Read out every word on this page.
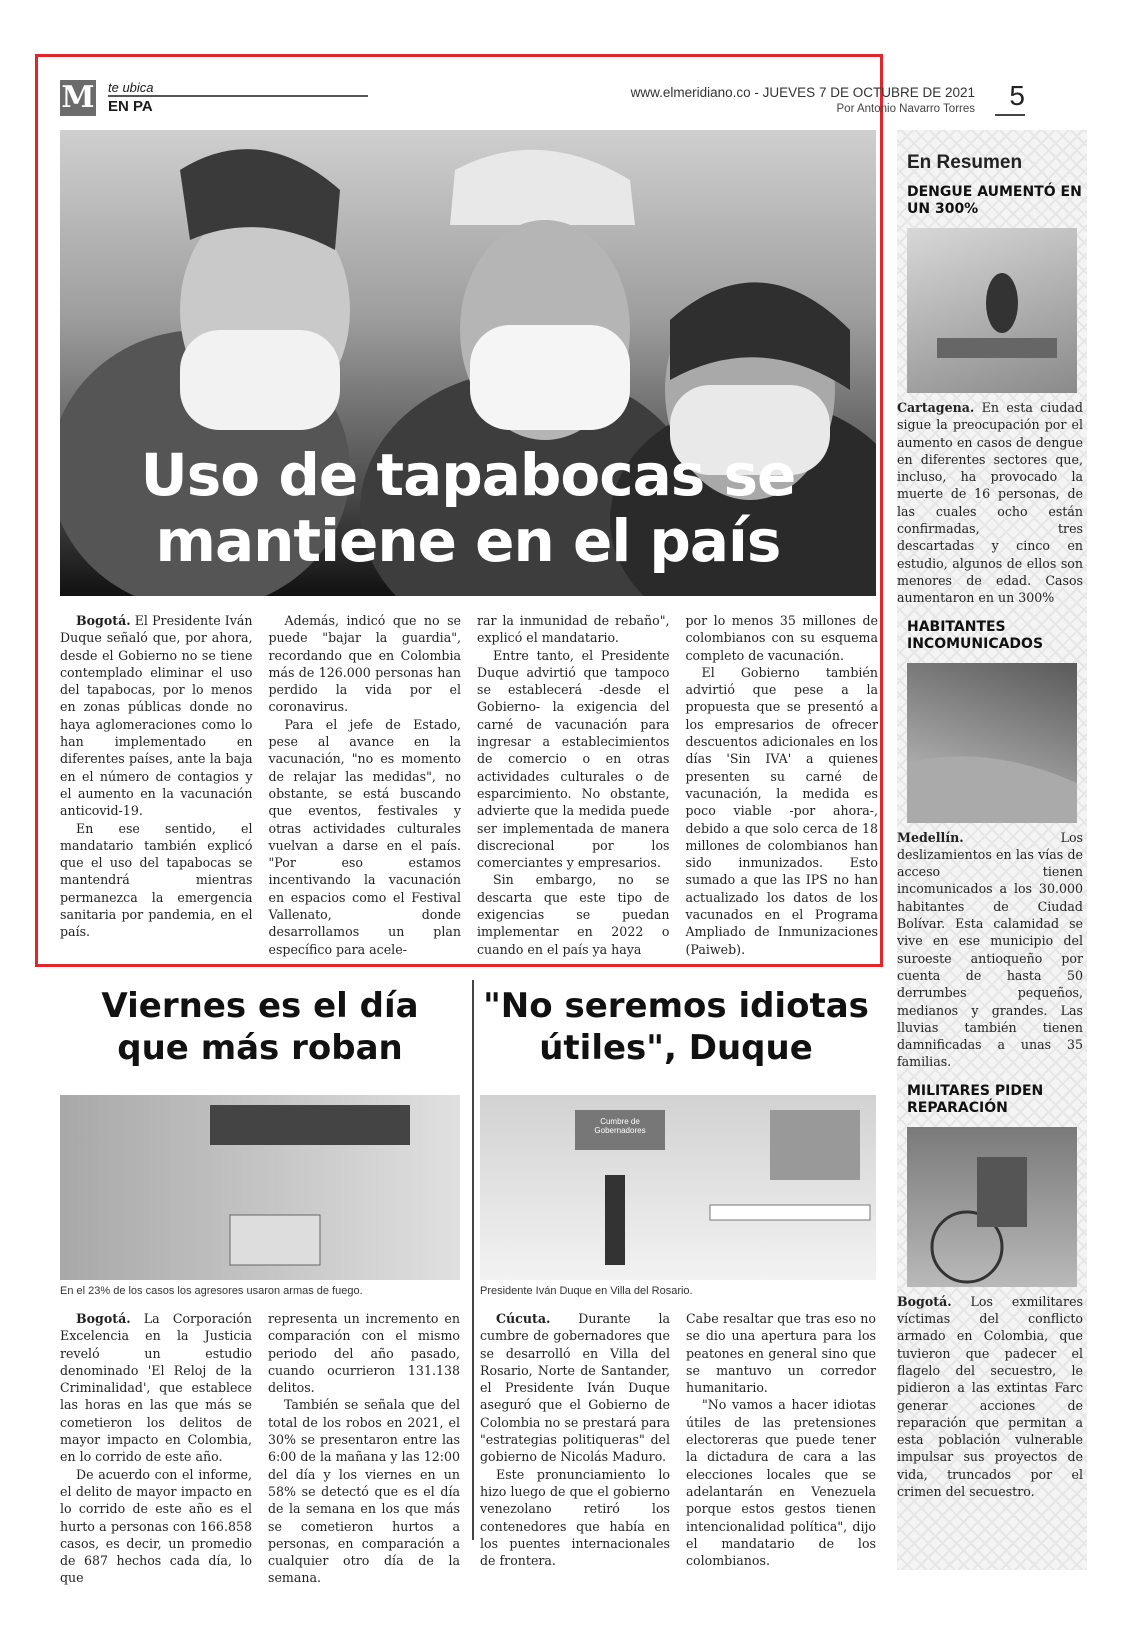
M te ubica
EN PA
www.elmeridiano.co - JUEVES 7 DE OCTUBRE DE 2021
Por Antonio Navarro Torres 5
Uso de tapabocas se
mantiene en el país

Bogotá. El Presidente Iván Duque señaló que, por ahora, desde el Gobierno no se tiene contemplado eliminar el uso del tapabocas, por lo menos en zonas públicas donde no haya aglomeraciones como lo han implementado en diferentes países, ante la baja en el número de contagios y el aumento en la vacunación anticovid-19.

En ese sentido, el mandatario también explicó que el uso del tapabocas se mantendrá mientras permanezca la emergencia sanitaria por pandemia, en el país.

Además, indicó que no se puede "bajar la guardia", recordando que en Colombia más de 126.000 personas han perdido la vida por el coronavirus.

Para el jefe de Estado, pese al avance en la vacunación, "no es momento de relajar las medidas", no obstante, se está buscando que eventos, festivales y otras actividades culturales vuelvan a darse en el país. "Por eso estamos incentivando la vacunación en espacios como el Festival Vallenato, donde desarrollamos un plan específico para acele-

rar la inmunidad de rebaño", explicó el mandatario.

Entre tanto, el Presidente Duque advirtió que tampoco se establecerá -desde el Gobierno- la exigencia del carné de vacunación para ingresar a establecimientos de comercio o en otras actividades culturales o de esparcimiento. No obstante, advierte que la medida puede ser implementada de manera discrecional por los comerciantes y empresarios.

Sin embargo, no se descarta que este tipo de exigencias se puedan implementar en 2022 o cuando en el país ya haya

por lo menos 35 millones de colombianos con su esquema completo de vacunación.

El Gobierno también advirtió que pese a la propuesta que se presentó a los empresarios de ofrecer descuentos adicionales en los días 'Sin IVA' a quienes presenten su carné de vacunación, la medida es poco viable -por ahora-, debido a que solo cerca de 18 millones de colombianos han sido inmunizados. Esto sumado a que las IPS no han actualizado los datos de los vacunados en el Programa Ampliado de Inmunizaciones (Paiweb).

En Resumen
DENGUE AUMENTÓ EN UN 300%
Cartagena. En esta ciudad sigue la preocupación por el aumento en casos de dengue en diferentes sectores que, incluso, ha provocado la muerte de 16 personas, de las cuales ocho están confirmadas, tres descartadas y cinco en estudio, algunos de ellos son menores de edad. Casos aumentaron en un 300%
HABITANTES INCOMUNICADOS
Medellín. Los deslizamientos en las vías de acceso tienen incomunicados a los 30.000 habitantes de Ciudad Bolívar. Esta calamidad se vive en ese municipio del suroeste antioqueño por cuenta de hasta 50 derrumbes pequeños, medianos y grandes. Las lluvias también tienen damnificadas a unas 35 familias.
MILITARES PIDEN REPARACIÓN
Bogotá. Los exmilitares víctimas del conflicto armado en Colombia, que tuvieron que padecer el flagelo del secuestro, le pidieron a las extintas Farc generar acciones de reparación que permitan a esta población vulnerable impulsar sus proyectos de vida, truncados por el crimen del secuestro.
Viernes es el día
que más roban
En el 23% de los casos los agresores usaron armas de fuego.

Bogotá. La Corporación Excelencia en la Justicia reveló un estudio denominado 'El Reloj de la Criminalidad', que establece las horas en las que más se cometieron los delitos de mayor impacto en Colombia, en lo corrido de este año.

De acuerdo con el informe, el delito de mayor impacto en lo corrido de este año es el hurto a personas con 166.858 casos, es decir, un promedio de 687 hechos cada día, lo que

representa un incremento en comparación con el mismo periodo del año pasado, cuando ocurrieron 131.138 delitos.

También se señala que del total de los robos en 2021, el 30% se presentaron entre las 6:00 de la mañana y las 12:00 del día y los viernes en un 58% se detectó que es el día de la semana en los que más se cometieron hurtos a personas, en comparación a cualquier otro día de la semana.

"No seremos idiotas
útiles", Duque
Cumbre de Gobernadores
Presidente Iván Duque en Villa del Rosario.

Cúcuta. Durante la cumbre de gobernadores que se desarrolló en Villa del Rosario, Norte de Santander, el Presidente Iván Duque aseguró que el Gobierno de Colombia no se prestará para "estrategias politiqueras" del gobierno de Nicolás Maduro.

Este pronunciamiento lo hizo luego de que el gobierno venezolano retiró los contenedores que había en los puentes internacionales de frontera.

Cabe resaltar que tras eso no se dio una apertura para los peatones en general sino que se mantuvo un corredor humanitario.

"No vamos a hacer idiotas útiles de las pretensiones electoreras que puede tener la dictadura de cara a las elecciones locales que se adelantarán en Venezuela porque estos gestos tienen intencionalidad política", dijo el mandatario de los colombianos.
